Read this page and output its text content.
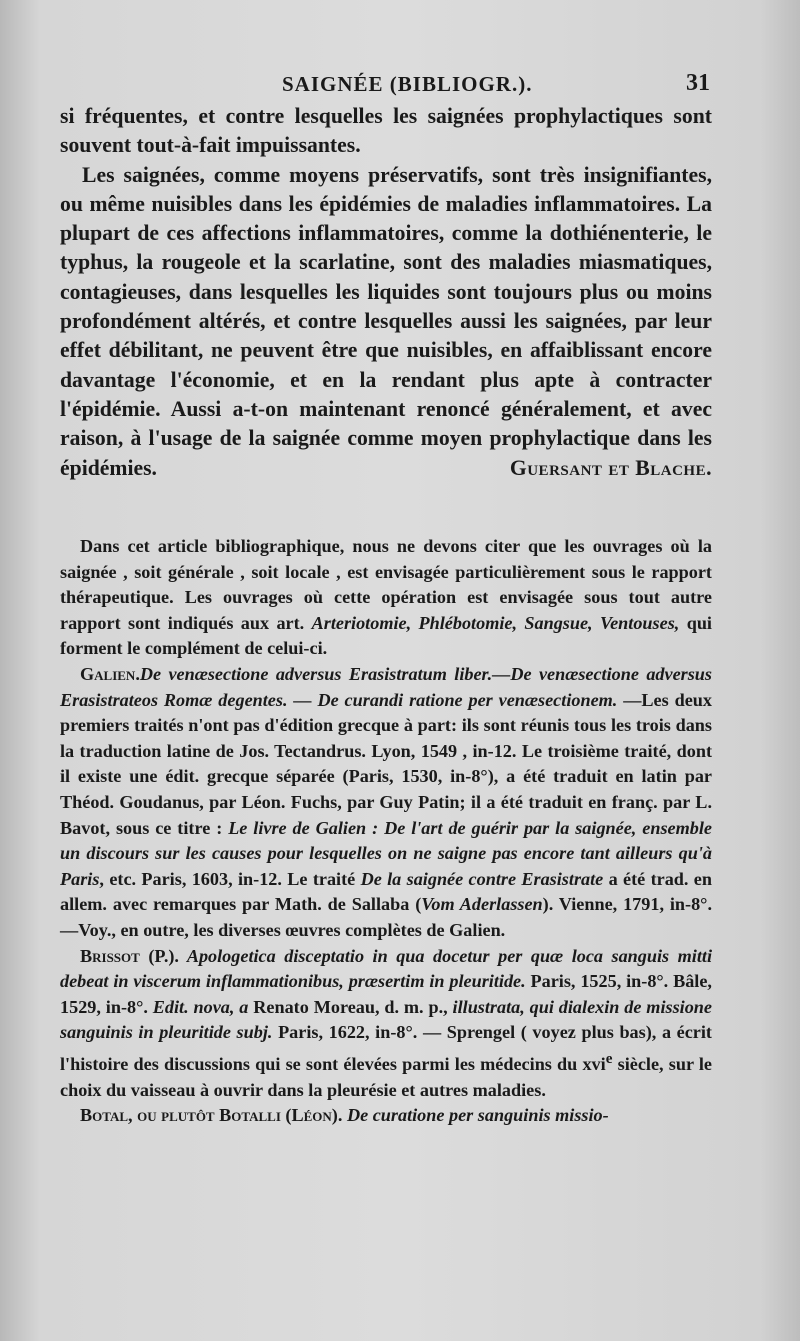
SAIGNÉE (BIBLIOGR.).	31

si fréquentes, et contre lesquelles les saignées prophylactiques sont souvent tout-à-fait impuissantes.

Les saignées, comme moyens préservatifs, sont très insignifiantes, ou même nuisibles dans les épidémies de maladies inflammatoires. La plupart de ces affections inflammatoires, comme la dothiénenterie, le typhus, la rougeole et la scarlatine, sont des maladies miasmatiques, contagieuses, dans lesquelles les liquides sont toujours plus ou moins profondément altérés, et contre lesquelles aussi les saignées, par leur effet débilitant, ne peuvent être que nuisibles, en affaiblissant encore davantage l'économie, et en la rendant plus apte à contracter l'épidémie. Aussi a-t-on maintenant renoncé généralement, et avec raison, à l'usage de la saignée comme moyen prophylactique dans les épidémies.	Guersant et Blache.

Dans cet article bibliographique, nous ne devons citer que les ouvrages où la saignée , soit générale , soit locale , est envisagée particulièrement sous le rapport thérapeutique. Les ouvrages où cette opération est envisagée sous tout autre rapport sont indiqués aux art. Arteriotomie, Phlébotomie, Sangsue, Ventouses, qui forment le complément de celui-ci.

Galien.De venæsectione adversus Erasistratum liber.—De venæsectione adversus Erasistrateos Romæ degentes. — De curandi ratione per venæsectionem. —Les deux premiers traités n'ont pas d'édition grecque à part: ils sont réunis tous les trois dans la traduction latine de Jos. Tectandrus. Lyon, 1549 , in-12. Le troisième traité, dont il existe une édit. grecque séparée (Paris, 1530, in-8°), a été traduit en latin par Théod. Goudanus, par Léon. Fuchs, par Guy Patin; il a été traduit en franç. par L. Bavot, sous ce titre : Le livre de Galien : De l'art de guérir par la saignée, ensemble un discours sur les causes pour lesquelles on ne saigne pas encore tant ailleurs qu'à Paris, etc. Paris, 1603, in-12. Le traité De la saignée contre Erasistrate a été trad. en allem. avec remarques par Math. de Sallaba (Vom Aderlassen). Vienne, 1791, in-8°. —Voy., en outre, les diverses œuvres complètes de Galien.

Brissot (P.). Apologetica disceptatio in qua docetur per quæ loca sanguis mitti debeat in viscerum inflammationibus, præsertim in pleuritide. Paris, 1525, in-8°. Bâle, 1529, in-8°. Edit. nova, a Renato Moreau, d. m. p., illustrata, qui dialexin de missione sanguinis in pleuritide subj. Paris, 1622, in-8°. — Sprengel ( voyez plus bas), a écrit l'histoire des discussions qui se sont élevées parmi les médecins du xvi$^e$ siècle, sur le choix du vaisseau à ouvrir dans la pleurésie et autres maladies.

Botal, ou plutôt Botalli (Léon). De curatione per sanguinis missio-
